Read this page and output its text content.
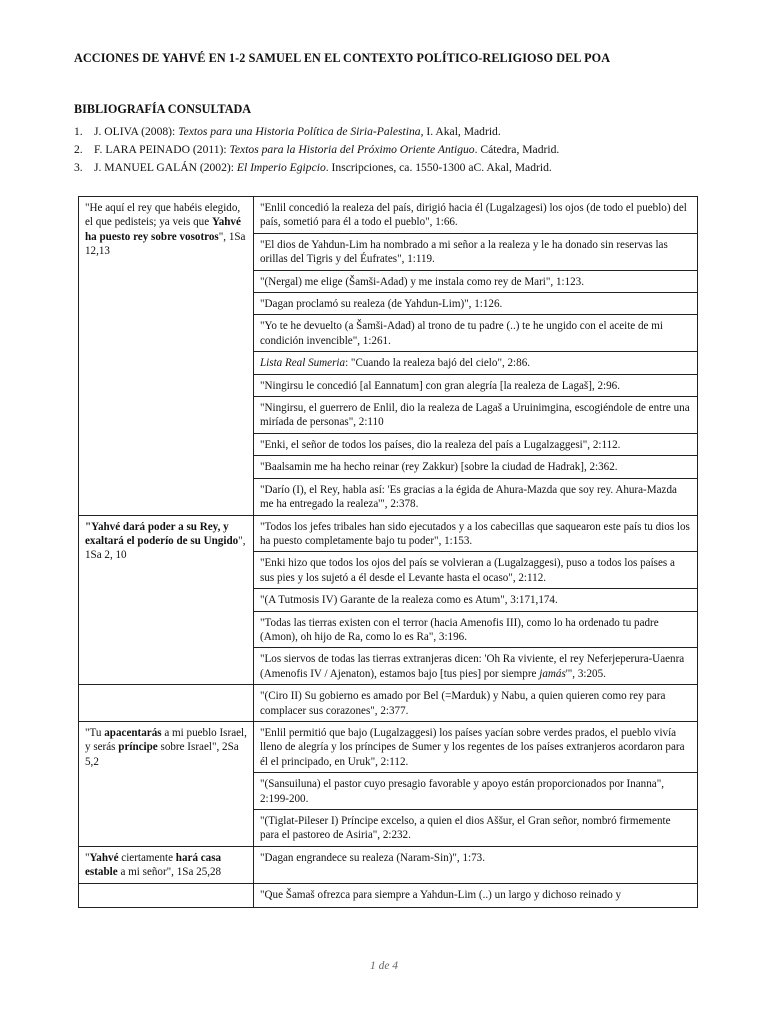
ACCIONES DE YAHVÉ EN 1-2 SAMUEL EN EL CONTEXTO POLÍTICO-RELIGIOSO DEL POA
BIBLIOGRAFÍA CONSULTADA
1. J. OLIVA (2008): Textos para una Historia Política de Siria-Palestina, I. Akal, Madrid.
2. F. LARA PEINADO (2011): Textos para la Historia del Próximo Oriente Antiguo. Cátedra, Madrid.
3. J. MANUEL GALÁN (2002): El Imperio Egipcio. Inscripciones, ca. 1550-1300 aC. Akal, Madrid.
"He aquí el rey que habéis elegido, el que pedisteis; ya veis que Yahvé ha puesto rey sobre vosotros", 1Sa 12,13	"Enlil concedió la realeza del país, dirigió hacia él (Lugalzagesi) los ojos (de todo el pueblo) del país, sometió para él a todo el pueblo", 1:66.
	"El dios de Yahdun-Lim ha nombrado a mi señor a la realeza y le ha donado sin reservas las orillas del Tigris y del Éufrates", 1:119.
	"(Nergal) me elige (Šamši-Adad) y me instala como rey de Mari", 1:123.
	"Dagan proclamó su realeza (de Yahdun-Lim)", 1:126.
	"Yo te he devuelto (a Šamši-Adad) al trono de tu padre (..) te he ungido con el aceite de mi condición invencible", 1:261.
	Lista Real Sumeria: "Cuando la realeza bajó del cielo", 2:86.
	"Ningirsu le concedió [al Eannatum] con gran alegría [la realeza de Lagaš], 2:96.
	"Ningirsu, el guerrero de Enlil, dio la realeza de Lagaš a Uruinimgina, escogiéndole de entre una miríada de personas", 2:110
	"Enki, el señor de todos los países, dio la realeza del país a Lugalzaggesi", 2:112.
	"Baalsamin me ha hecho reinar (rey Zakkur) [sobre la ciudad de Hadrak], 2:362.
	"Darío (I), el Rey, habla así: 'Es gracias a la égida de Ahura-Mazda que soy rey. Ahura-Mazda me ha entregado la realeza'", 2:378.
"Yahvé dará poder a su Rey, y exaltará el poderío de su Ungido", 1Sa 2, 10	"Todos los jefes tribales han sido ejecutados y a los cabecillas que saquearon este país tu dios los ha puesto completamente bajo tu poder", 1:153.
	"Enki hizo que todos los ojos del país se volvieran a (Lugalzaggesi), puso a todos los países a sus pies y los sujetó a él desde el Levante hasta el ocaso", 2:112.
	"(A Tutmosis IV) Garante de la realeza como es Atum", 3:171,174.
	"Todas las tierras existen con el terror (hacia Amenofis III), como lo ha ordenado tu padre (Amon), oh hijo de Ra, como lo es Ra", 3:196.
	"Los siervos de todas las tierras extranjeras dicen: 'Oh Ra viviente, el rey Neferjeperura-Uaenra (Amenofis IV / Ajenaton), estamos bajo [tus pies] por siempre jamás'", 3:205.
	"(Ciro II) Su gobierno es amado por Bel (=Marduk) y Nabu, a quien quieren como rey para complacer sus corazones", 2:377.
"Tu apacentarás a mi pueblo Israel, y serás príncipe sobre Israel", 2Sa 5,2	"Enlil permitió que bajo (Lugalzaggesi) los países yacían sobre verdes prados, el pueblo vivía lleno de alegría y los príncipes de Sumer y los regentes de los países extranjeros acordaron para él el principado, en Uruk", 2:112.
	"(Sansuiluna) el pastor cuyo presagio favorable y apoyo están proporcionados por Inanna", 2:199-200.
	"(Tiglat-Pileser I) Príncipe excelso, a quien el dios Aššur, el Gran señor, nombró firmemente para el pastoreo de Asiria", 2:232.
"Yahvé ciertamente hará casa estable a mi señor", 1Sa 25,28	"Dagan engrandece su realeza (Naram-Sin)", 1:73.
	"Que Šamaš ofrezca para siempre a Yahdun-Lim (..) un largo y dichoso reinado y
1 de 4
